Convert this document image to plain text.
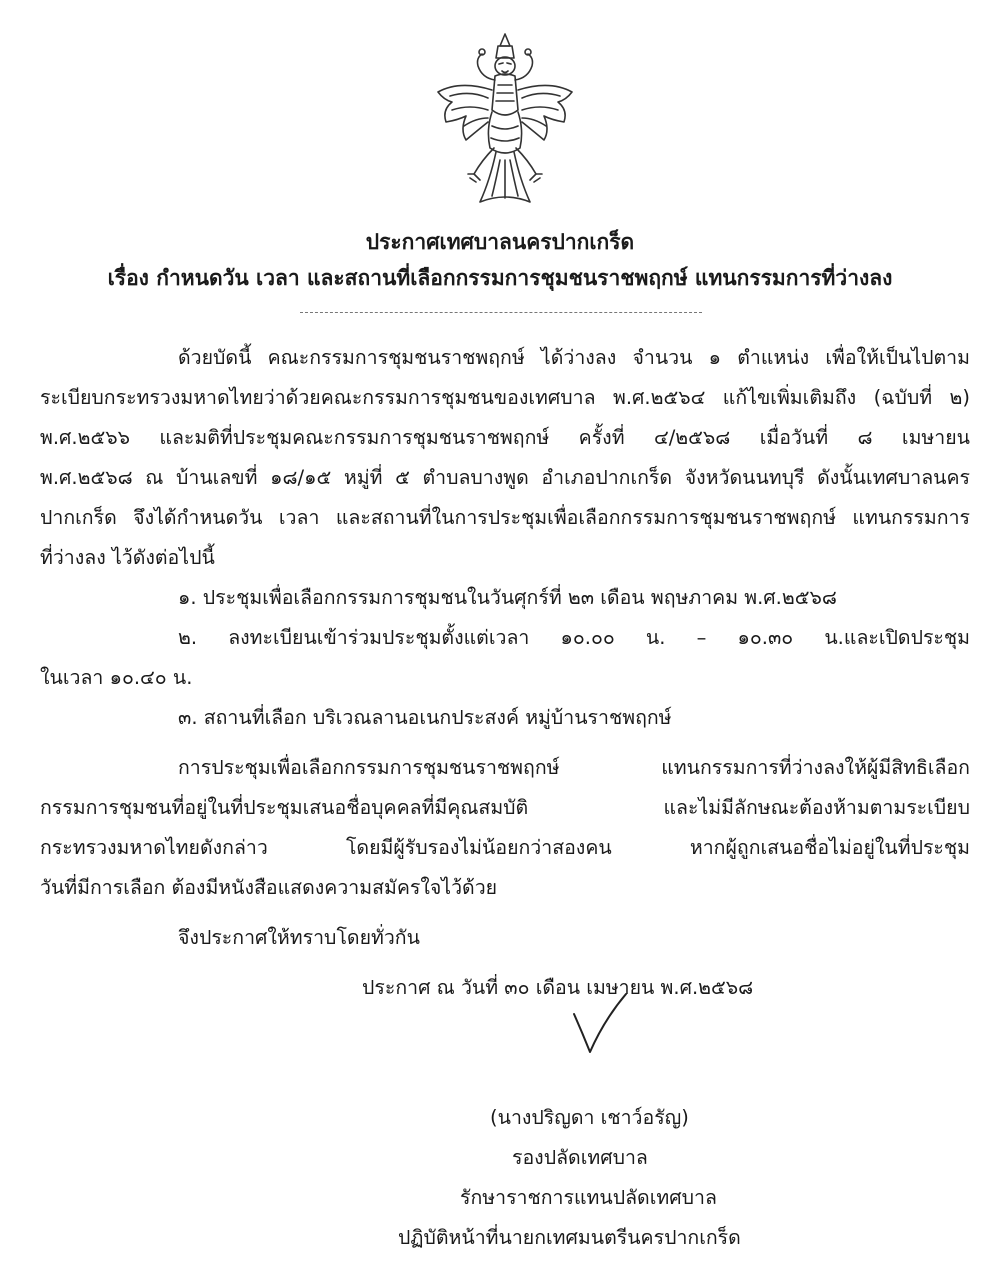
ประกาศเทศบาลนครปากเกร็ด
เรื่อง กำหนดวัน เวลา และสถานที่เลือกกรรมการชุมชนราชพฤกษ์ แทนกรรมการที่ว่างลง
ด้วยบัดนี้ คณะกรรมการชุมชนราชพฤกษ์ ได้ว่างลง จำนวน ๑ ตำแหน่ง เพื่อให้เป็นไปตาม
ระเบียบกระทรวงมหาดไทยว่าด้วยคณะกรรมการชุมชนของเทศบาล พ.ศ.๒๕๖๔ แก้ไขเพิ่มเติมถึง (ฉบับที่ ๒)
พ.ศ.๒๕๖๖ และมติที่ประชุมคณะกรรมการชุมชนราชพฤกษ์ ครั้งที่ ๔/๒๕๖๘ เมื่อวันที่ ๘ เมษายน
พ.ศ.๒๕๖๘ ณ บ้านเลขที่ ๑๘/๑๕ หมู่ที่ ๕ ตำบลบางพูด อำเภอปากเกร็ด จังหวัดนนทบุรี ดังนั้นเทศบาลนคร
ปากเกร็ด จึงได้กำหนดวัน เวลา และสถานที่ในการประชุมเพื่อเลือกกรรมการชุมชนราชพฤกษ์ แทนกรรมการ
ที่ว่างลง ไว้ดังต่อไปนี้
๑. ประชุมเพื่อเลือกกรรมการชุมชนในวันศุกร์ที่ ๒๓ เดือน พฤษภาคม พ.ศ.๒๕๖๘
๒. ลงทะเบียนเข้าร่วมประชุมตั้งแต่เวลา ๑๐.๐๐ น. – ๑๐.๓๐ น.และเปิดประชุม
ในเวลา ๑๐.๔๐ น.
๓. สถานที่เลือก บริเวณลานอเนกประสงค์ หมู่บ้านราชพฤกษ์
การประชุมเพื่อเลือกกรรมการชุมชนราชพฤกษ์ แทนกรรมการที่ว่างลงให้ผู้มีสิทธิเลือก
กรรมการชุมชนที่อยู่ในที่ประชุมเสนอชื่อบุคคลที่มีคุณสมบัติ และไม่มีลักษณะต้องห้ามตามระเบียบ
กระทรวงมหาดไทยดังกล่าว โดยมีผู้รับรองไม่น้อยกว่าสองคน หากผู้ถูกเสนอชื่อไม่อยู่ในที่ประชุม
วันที่มีการเลือก ต้องมีหนังสือแสดงความสมัครใจไว้ด้วย
จึงประกาศให้ทราบโดยทั่วกัน
ประกาศ ณ วันที่ ๓๐ เดือน เมษายน พ.ศ.๒๕๖๘
(นางปริญดา เชาว์อรัญ)
รองปลัดเทศบาล
รักษาราชการแทนปลัดเทศบาล
ปฏิบัติหน้าที่นายกเทศมนตรีนครปากเกร็ด
